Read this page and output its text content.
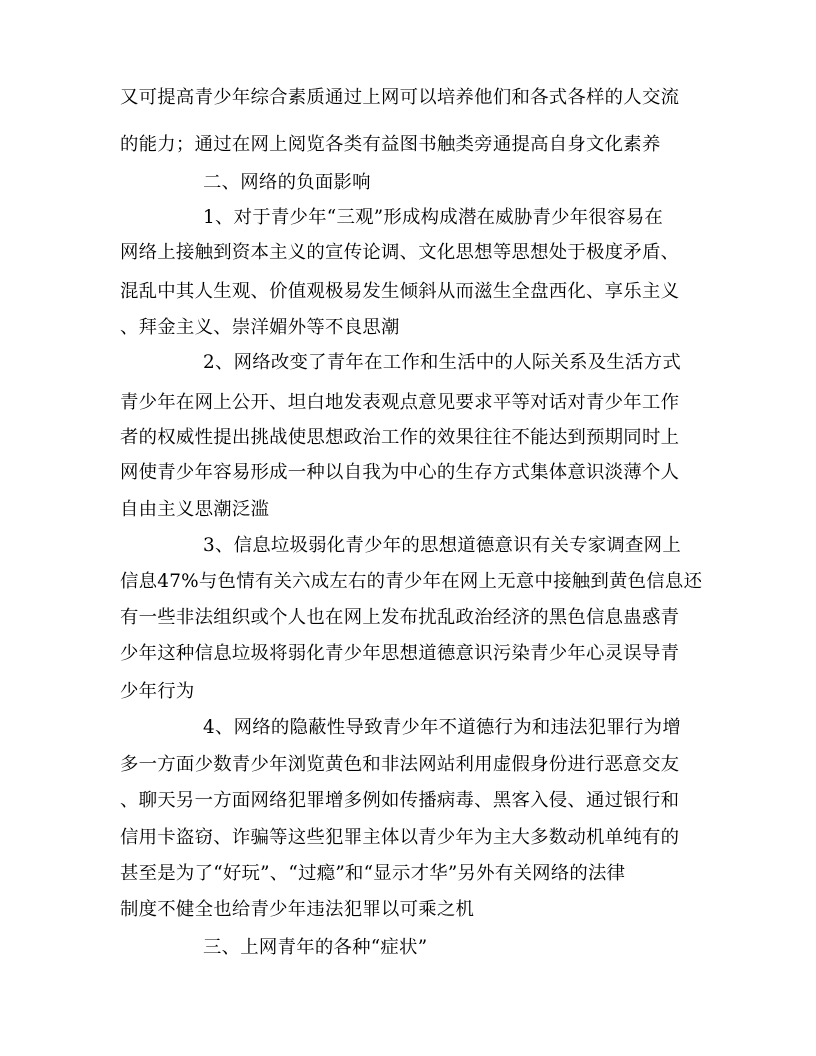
又可提高青少年综合素质通过上网可以培养他们和各式各样的人交流
的能力；通过在网上阅览各类有益图书触类旁通提高自身文化素养
二、网络的负面影响
1、对于青少年“三观”形成构成潜在威胁青少年很容易在
网络上接触到资本主义的宣传论调、文化思想等思想处于极度矛盾、
混乱中其人生观、价值观极易发生倾斜从而滋生全盘西化、享乐主义
、拜金主义、崇洋媚外等不良思潮
2、网络改变了青年在工作和生活中的人际关系及生活方式
青少年在网上公开、坦白地发表观点意见要求平等对话对青少年工作
者的权威性提出挑战使思想政治工作的效果往往不能达到预期同时上
网使青少年容易形成一种以自我为中心的生存方式集体意识淡薄个人
自由主义思潮泛滥
3、信息垃圾弱化青少年的思想道德意识有关专家调查网上
信息47%与色情有关六成左右的青少年在网上无意中接触到黄色信息还
有一些非法组织或个人也在网上发布扰乱政治经济的黑色信息蛊惑青
少年这种信息垃圾将弱化青少年思想道德意识污染青少年心灵误导青
少年行为
4、网络的隐蔽性导致青少年不道德行为和违法犯罪行为增
多一方面少数青少年浏览黄色和非法网站利用虚假身份进行恶意交友
、聊天另一方面网络犯罪增多例如传播病毒、黑客入侵、通过银行和
信用卡盗窃、诈骗等这些犯罪主体以青少年为主大多数动机单纯有的
甚至是为了“好玩”、“过瘾”和“显示才华”另外有关网络的法律
制度不健全也给青少年违法犯罪以可乘之机
三、上网青年的各种“症状”
